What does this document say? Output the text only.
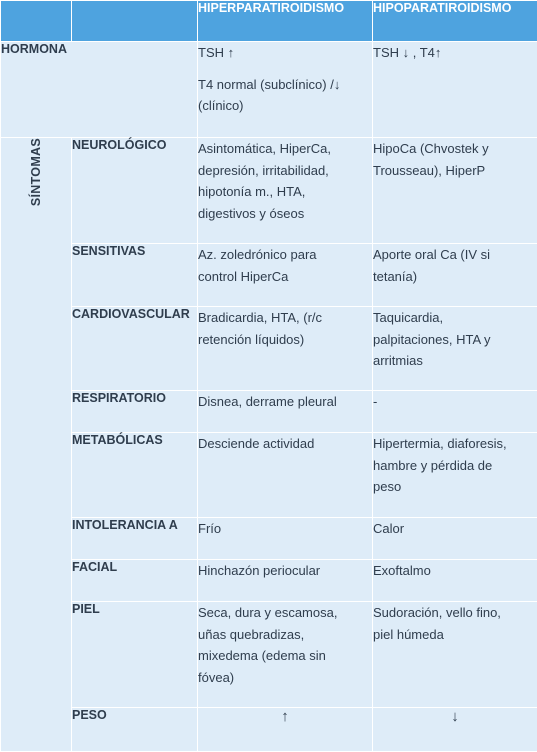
		HIPERPARATIROIDISMO	HIPOPARATIROIDISMO
HORMONA		TSH ↑
T4 normal (subclínico) /↓
(clínico)	TSH ↓ , T4↑

SÍNTOMAS	NEUROLÓGICO	Asintomática, HiperCa,
depresión, irritabilidad,
hipotonía m., HTA,
digestivos y óseos	HipoCa (Chvostek y
Trousseau), HiperP

	SENSITIVAS	Az. zoledrónico para
control HiperCa	Aporte oral Ca (IV si
tetanía)

	CARDIOVASCULAR	Bradicardia, HTA, (r/c
retención líquidos)	Taquicardia,
palpitaciones, HTA y
arritmias

	RESPIRATORIO	Disnea, derrame pleural	-

	METABÓLICAS	Desciende actividad	Hipertermia, diaforesis,
hambre y pérdida de
peso

	INTOLERANCIA A	Frío	Calor

	FACIAL	Hinchazón periocular	Exoftalmo

	PIEL	Seca, dura y escamosa,
uñas quebradizas,
mixedema (edema sin
fóvea)	Sudoración, vello fino,
piel húmeda

	PESO	↑	↓
